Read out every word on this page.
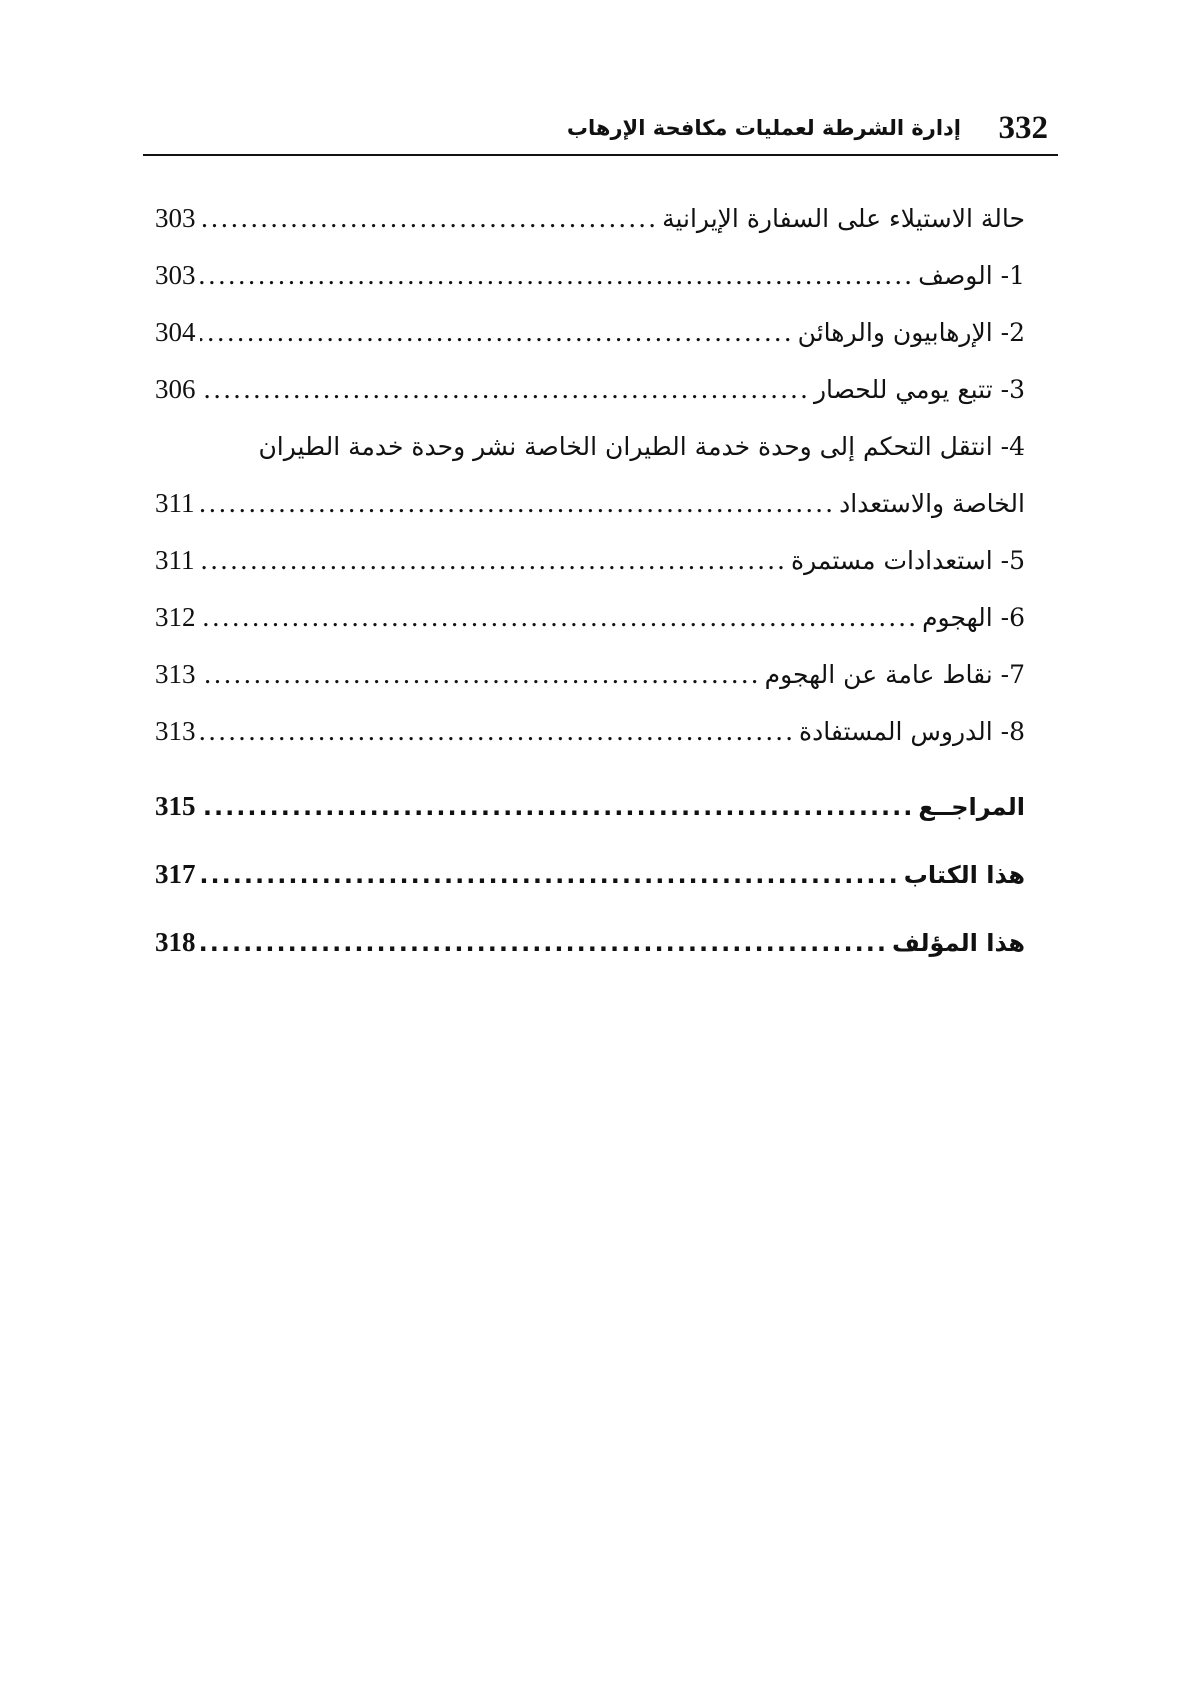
332
إدارة الشرطة لعمليات مكافحة الإرهاب
حالة الاستيلاء على السفارة الإيرانية
.....
303
1- الوصف
.....
303
2- الإرهابيون والرهائن
.....
304
3- تتبع يومي للحصار
.....
306
4- انتقل التحكم إلى وحدة خدمة الطيران الخاصة نشر وحدة خدمة الطيران
الخاصة والاستعداد
.....
311
5- استعدادات مستمرة
.....
311
6- الهجوم
.....
312
7- نقاط عامة عن الهجوم
.....
313
8- الدروس المستفادة
.....
313
المراجــع
.....
315
هذا الكتاب
.....
317
هذا المؤلف
.....
318
